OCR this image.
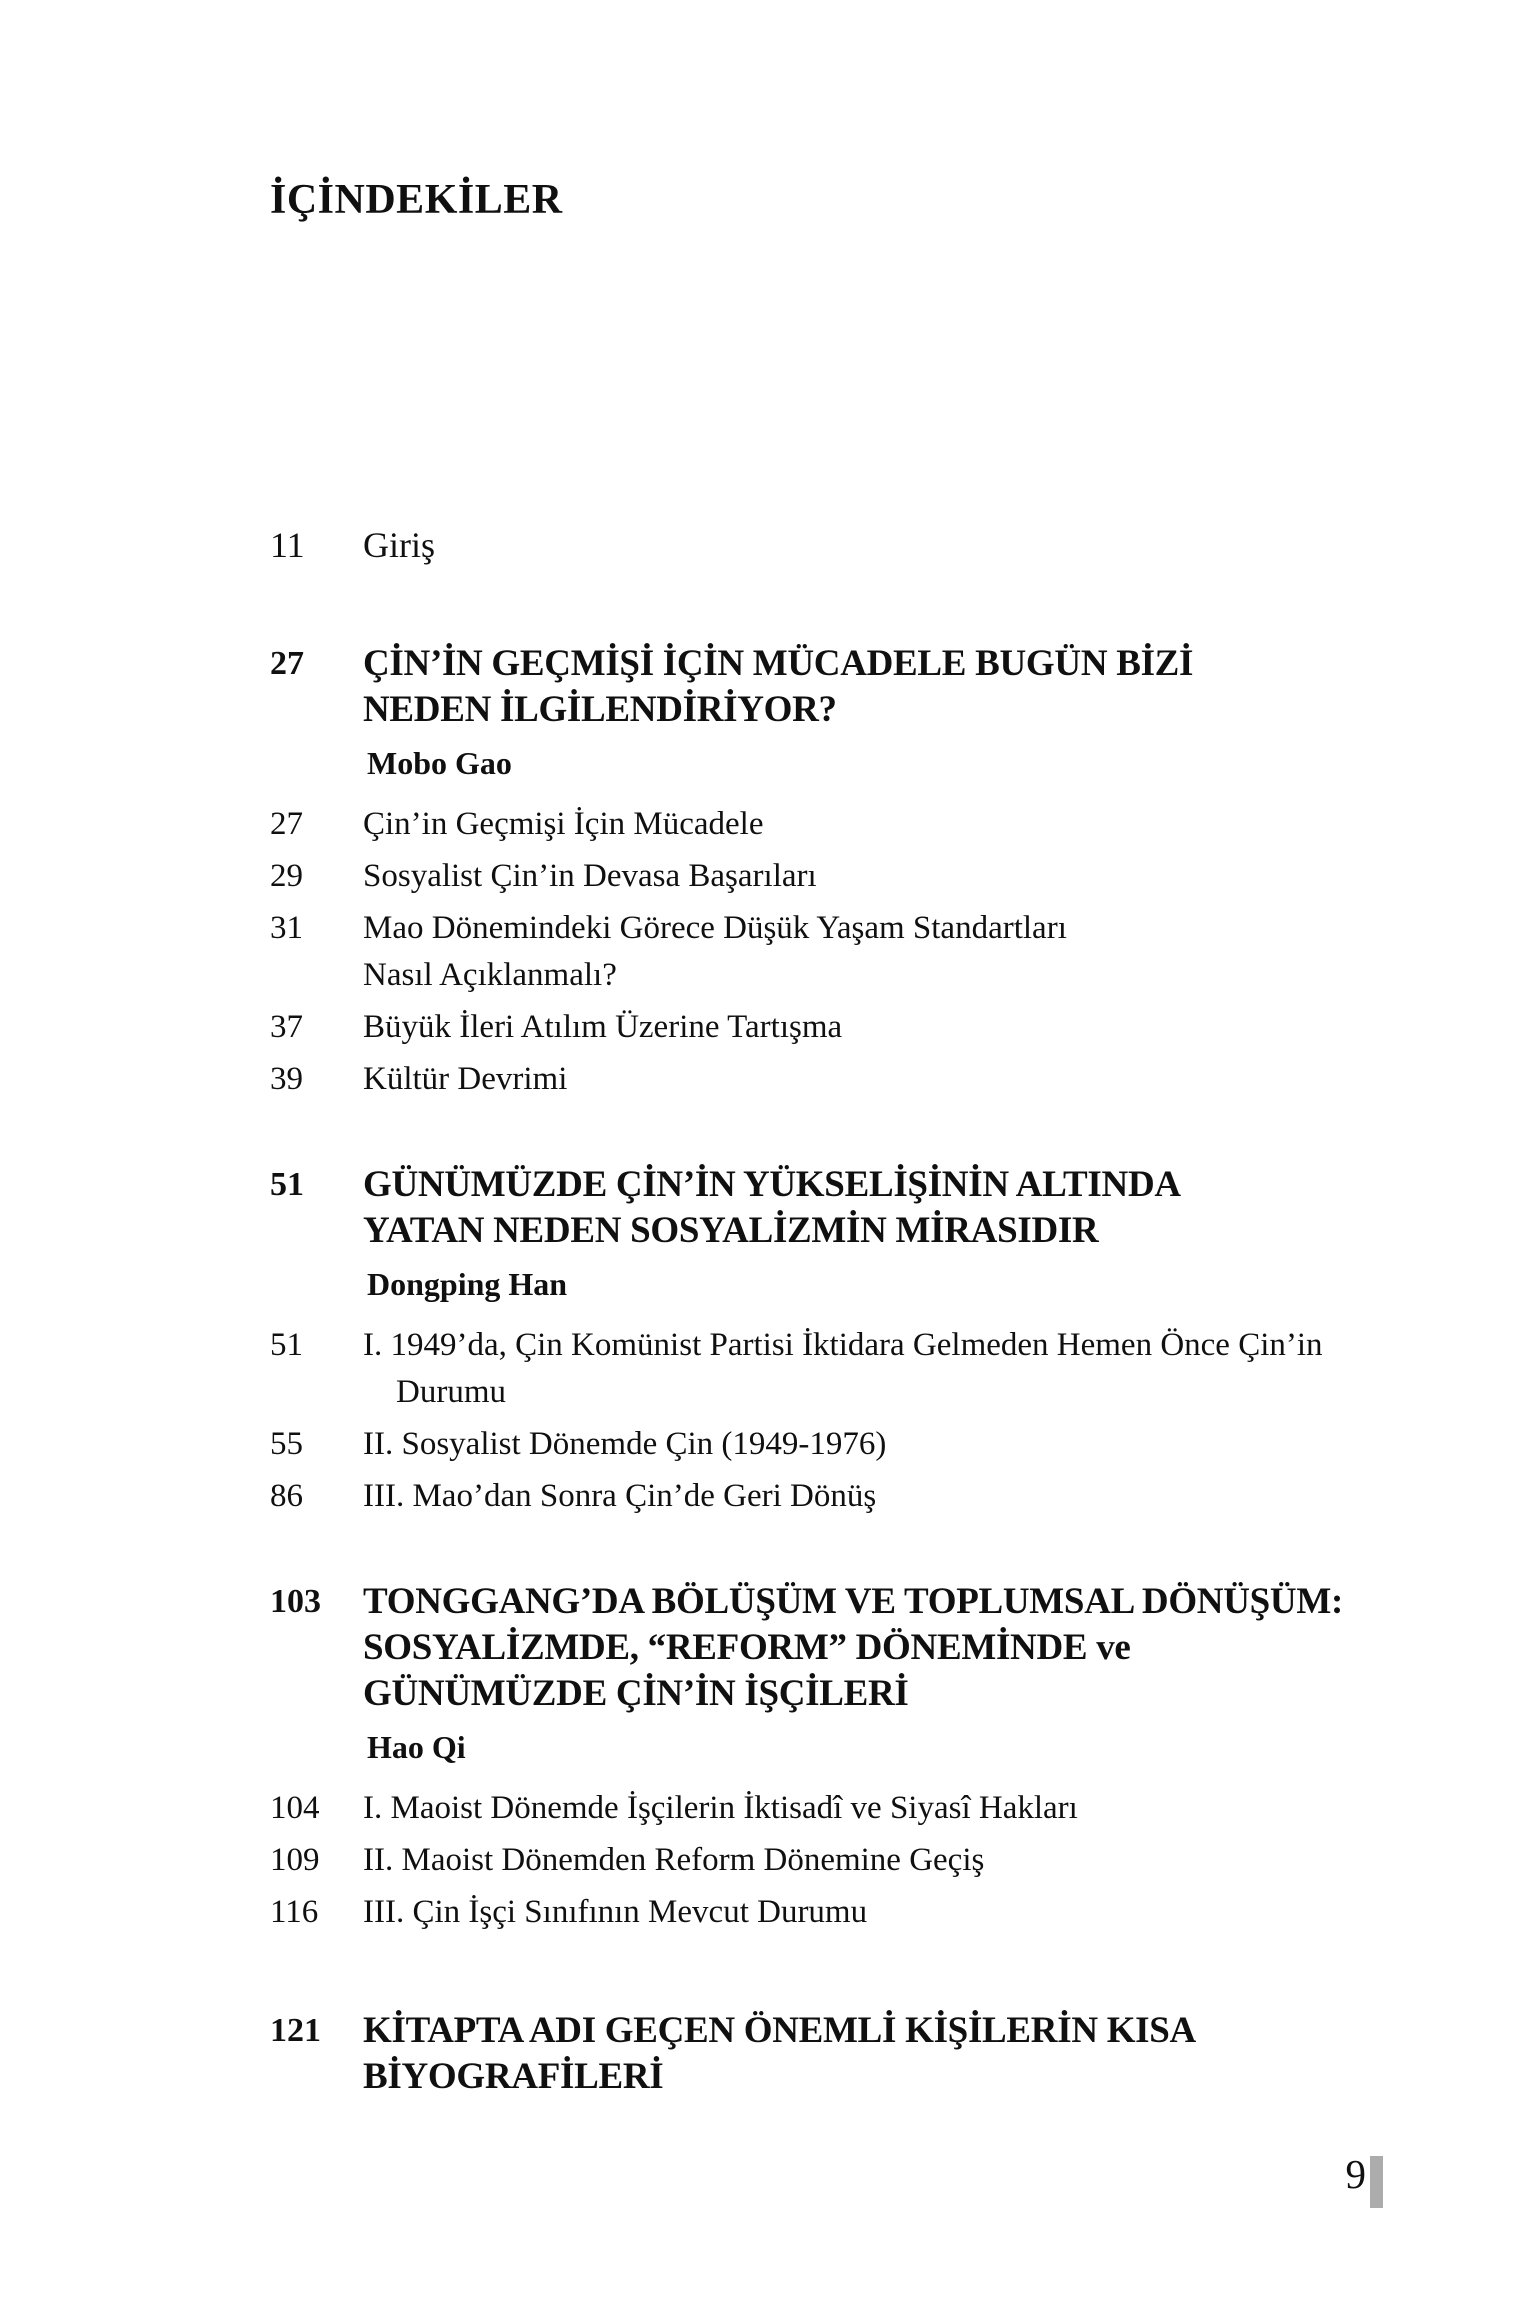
İÇİNDEKİLER
11	Giriş
27	ÇİN’İN GEÇMİŞİ İÇİN MÜCADELE BUGÜN BİZİ
NEDEN İLGİLENDİRİYOR?
Mobo Gao
27	Çin’in Geçmişi İçin Mücadele
29	Sosyalist Çin’in Devasa Başarıları
31	Mao Dönemindeki Görece Düşük Yaşam Standartları
Nasıl Açıklanmalı?
37	Büyük İleri Atılım Üzerine Tartışma
39	Kültür Devrimi
51	GÜNÜMÜZDE ÇİN’İN YÜKSELİŞİNİN ALTINDA
YATAN NEDEN SOSYALİZMİN MİRASIDIR
Dongping Han
51	I. 1949’da, Çin Komünist Partisi İktidara Gelmeden Hemen Önce Çin’in
Durumu
55	II. Sosyalist Dönemde Çin (1949-1976)
86	III. Mao’dan Sonra Çin’de Geri Dönüş
103	TONGGANG’DA BÖLÜŞÜM VE TOPLUMSAL DÖNÜŞÜM:
SOSYALİZMDE, “REFORM” DÖNEMİNDE ve
GÜNÜMÜZDE ÇİN’İN İŞÇİLERİ
Hao Qi
104	I. Maoist Dönemde İşçilerin İktisadî ve Siyasî Hakları
109	II. Maoist Dönemden Reform Dönemine Geçiş
116	III. Çin İşçi Sınıfının Mevcut Durumu
121	KİTAPTA ADI GEÇEN ÖNEMLİ KİŞİLERİN KISA
BİYOGRAFİLERİ
9
